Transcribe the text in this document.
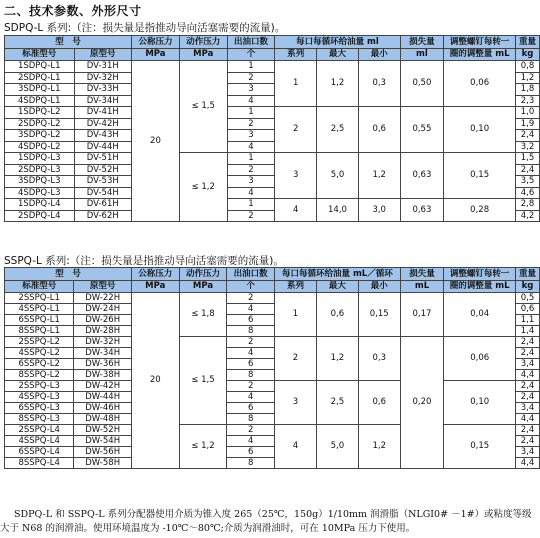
二、技术参数、外形尺寸
SDPQ-L 系列:（注：损失量是指推动导向活塞需要的流量)。
型　号		公称压力	动作压力	出油口数	每口每循环给油量 ml			损失量	调整螺钉每转一	重量
标准型号	原型号	MPa	MPa	个	系列	最大	最小	ml	圈的调整量 mL	kg
1SDPQ-L1	DV-31H	20	≤ 1,5	1	1	1,2	0,3	0,50	0,06	0,8
2SDPQ-L1	DV-32H			2						1,2
3SDPQ-L1	DV-33H			3						1,8
4SDPQ-L1	DV-34H			4						2,3
1SDPQ-L2	DV-41H			1	2	2,5	0,6	0,55	0,10	1,0
2SDPQ-L2	DV-42H			2						1,9
3SDPQ-L2	DV-43H			3						2,4
4SDPQ-L2	DV-44H			4						3,2
1SDPQ-L3	DV-51H		≤ 1,2	1	3	5,0	1,2	0,63	0,15	1,5
2SDPQ-L3	DV-52H			2						2,4
3SDPQ-L3	DV-53H			3						3,5
4SDPQ-L3	DV-54H			4						4,6
1SDPQ-L4	DV-61H			1	4	14,0	3,0	0,63	0,28	2,8
2SDPQ-L4	DV-62H			2						4,2
SSPQ-L 系列:（注：损失量是指推动导向活塞需要的流量)。
型　号		公称压力	动作压力	出油口数	每口每循环给油量 mL／循环			损失量	调整螺钉每转一	重量
标准型号	原型号	MPa	MPa	个	系列	最大	最小	mL	圈的调整量 mL	kg
2SSPQ-L1	DW-22H	20	≤ 1,8	2	1	0,6	0,15	0,17	0,04	0,5
4SSPQ-L1	DW-24H			4						0,6
6SSPQ-L1	DW-26H			6						1,1
8SSPQ-L1	DW-28H			8						1,4
2SSPQ-L2	DW-32H		≤ 1,5	2	2	1,2	0,3	0,20	0,06	2,4
4SSPQ-L2	DW-34H			4						2,4
6SSPQ-L2	DW-36H			6						3,4
8SSPQ-L2	DW-38H			8						4,4
2SSPQ-L3	DW-42H			2	3	2,5	0,6		0,10	2,4
4SSPQ-L3	DW-44H			4						2,4
6SSPQ-L3	DW-46H			6						3,4
8SSPQ-L3	DW-48H			8						4,4
2SSPQ-L4	DW-52H		≤ 1,2	2	4	5,0	1,2		0,15	2,4
4SSPQ-L4	DW-54H			4						2,4
6SSPQ-L4	DW-56H			6						3,4
8SSPQ-L4	DW-58H			8						4,4
SDPQ-L 和 SSPQ-L 系列分配器使用介质为锥入度 265（25℃，150g）1/10mm 润滑脂（NLGI0# －1#）或粘度等级
大于 N68 的润滑油。使用环境温度为 -10℃～80℃;介质为润滑油时，可在 10MPa 压力下使用。
